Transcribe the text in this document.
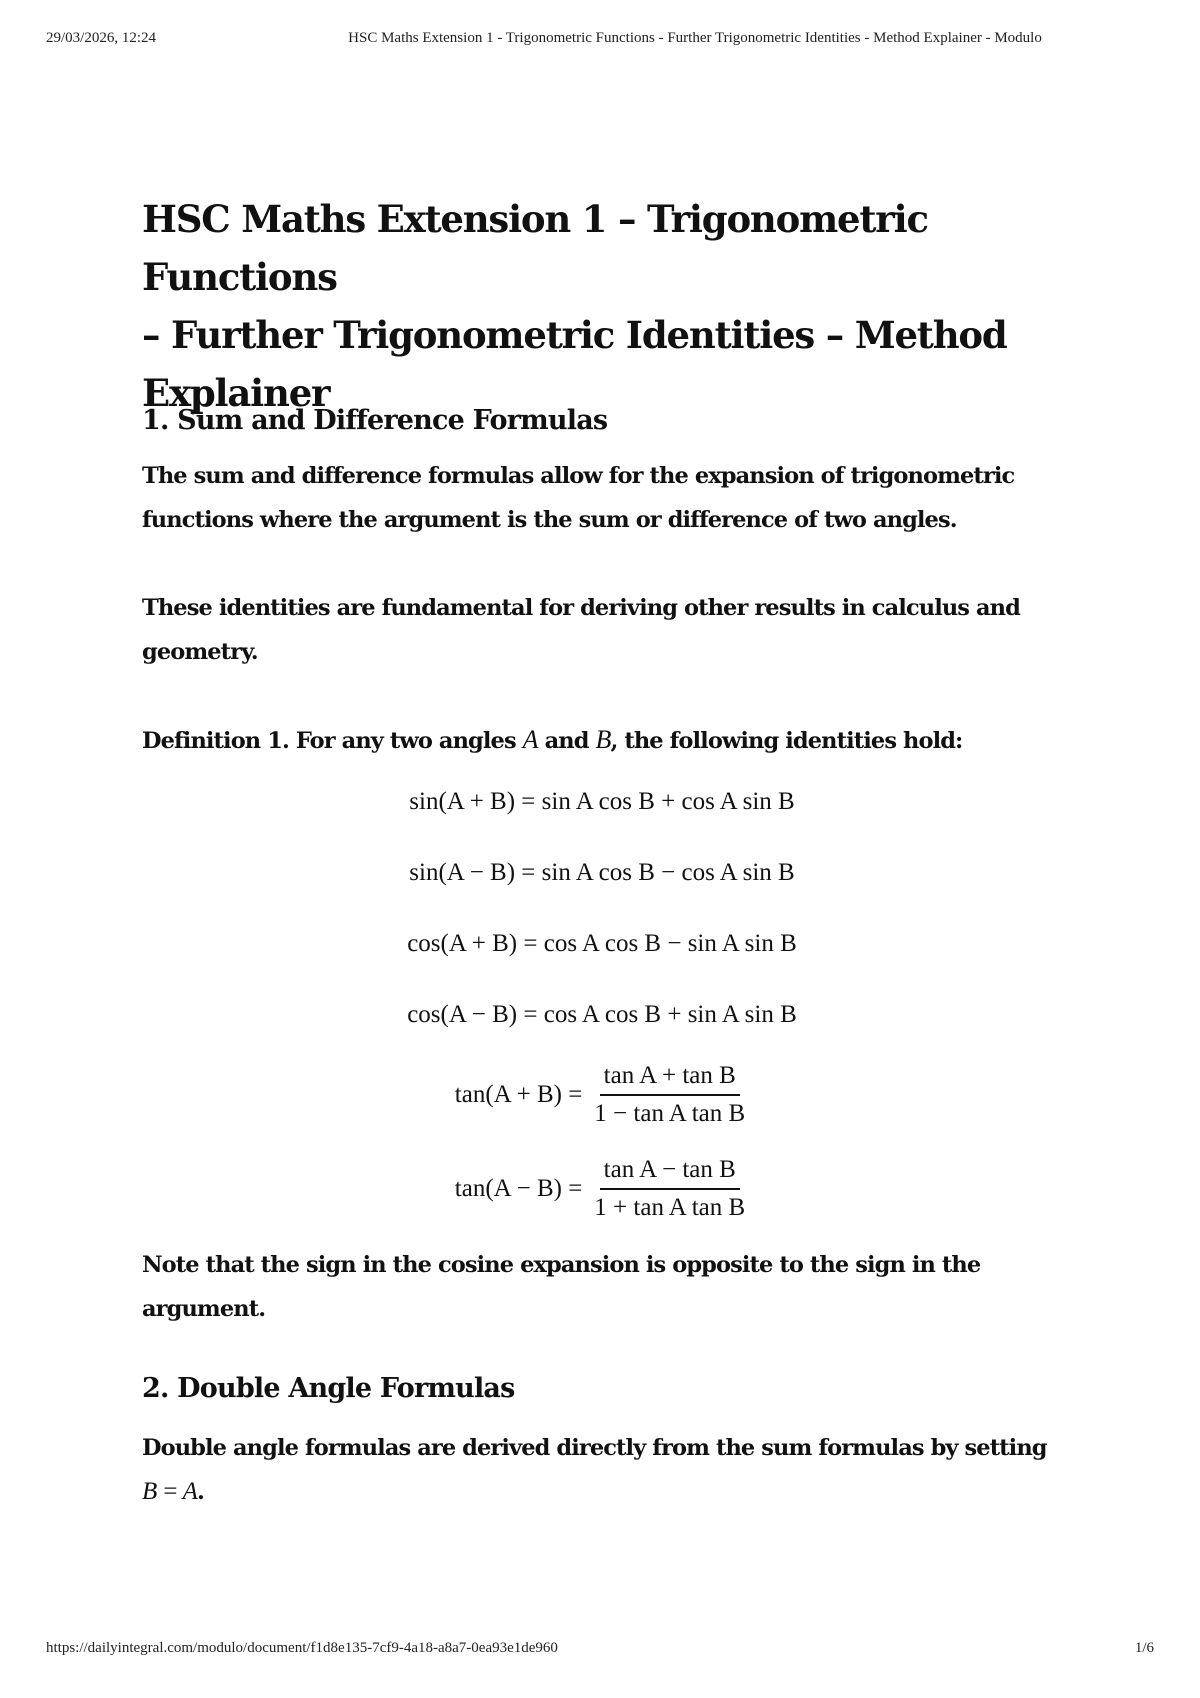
29/03/2026, 12:24	HSC Maths Extension 1 - Trigonometric Functions - Further Trigonometric Identities - Method Explainer - Modulo
HSC Maths Extension 1 – Trigonometric Functions
– Further Trigonometric Identities – Method
Explainer
1. Sum and Difference Formulas

The sum and difference formulas allow for the expansion of trigonometric
functions where the argument is the sum or difference of two angles.

These identities are fundamental for deriving other results in calculus and
geometry.

Definition 1. For any two angles A and B, the following identities hold:

sin(A + B) = sin A cos B + cos A sin B
sin(A − B) = sin A cos B − cos A sin B
cos(A + B) = cos A cos B − sin A sin B
cos(A − B) = cos A cos B + sin A sin B
$\tan(A + B) = \frac{\text{tan A + tan B}}{\text{1 − tan A tan B}}$
$\tan(A - B) = \frac{\text{tan A − tan B}}{\text{1 + tan A tan B}}$

Note that the sign in the cosine expansion is opposite to the sign in the
argument.

2. Double Angle Formulas

Double angle formulas are derived directly from the sum formulas by setting
B = A.

https://dailyintegral.com/modulo/document/f1d8e135-7cf9-4a18-a8a7-0ea93e1de960	1/6
